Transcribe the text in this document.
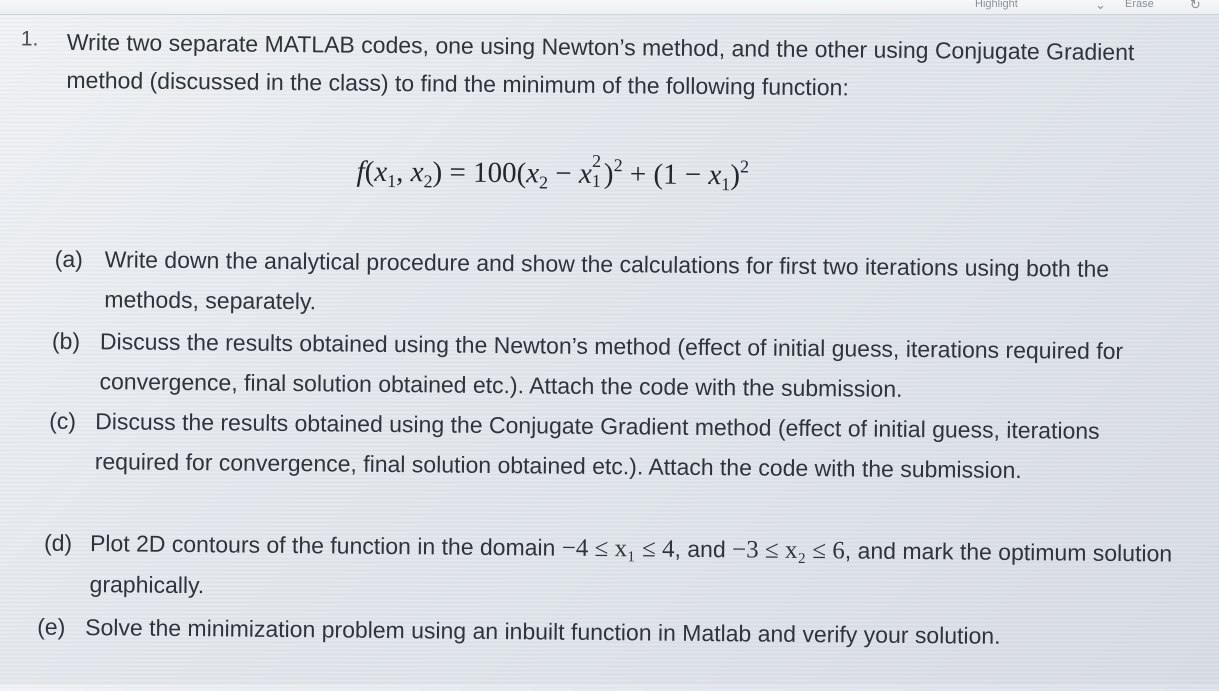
Highlight	⌄ Erase	↻
1. Write two separate MATLAB codes, one using Newton’s method, and the other using Conjugate Gradient method (discussed in the class) to find the minimum of the following function:
$f(x_1$, $x_2) = 100(x_2 - x$ 2
1 )$^2 + (1 - x_1)^2$
(a) Write down the analytical procedure and show the calculations for first two iterations using both the methods, separately.
(b) Discuss the results obtained using the Newton’s method (effect of initial guess, iterations required for convergence, final solution obtained etc.). Attach the code with the submission.
(c) Discuss the results obtained using the Conjugate Gradient method (effect of initial guess, iterations required for convergence, final solution obtained etc.). Attach the code with the submission.
(d) Plot 2D contours of the function in the domain −4 ≤ x₁ ≤ 4, and −3 ≤ x₂ ≤ 6, and mark the optimum solution graphically.
(e) Solve the minimization problem using an inbuilt function in Matlab and verify your solution.
